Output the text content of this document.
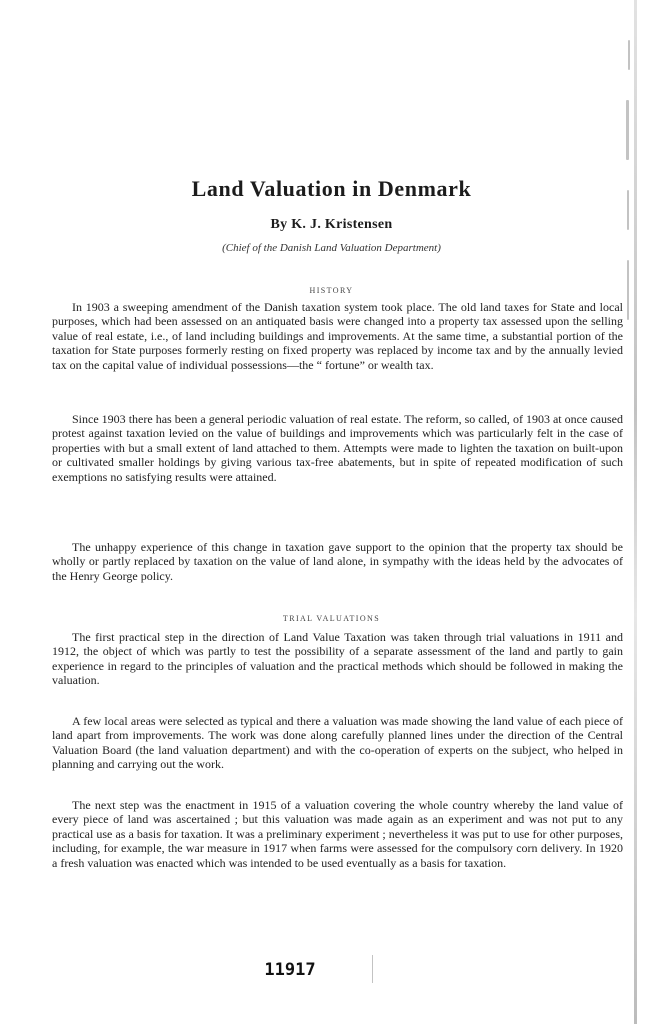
Land Valuation in Denmark
By K. J. Kristensen
(Chief of the Danish Land Valuation Department)
HISTORY

In 1903 a sweeping amendment of the Danish taxation system took place. The old land taxes for State and local purposes, which had been assessed on an antiquated basis were changed into a property tax assessed upon the selling value of real estate, i.e., of land including buildings and improvements. At the same time, a substantial portion of the taxation for State purposes formerly resting on fixed property was replaced by income tax and by the annually levied tax on the capital value of individual possessions—the “ fortune” or wealth tax.

Since 1903 there has been a general periodic valuation of real estate. The reform, so called, of 1903 at once caused protest against taxation levied on the value of buildings and improvements which was particularly felt in the case of properties with but a small extent of land attached to them. Attempts were made to lighten the taxation on built-upon or cultivated smaller holdings by giving various tax-free abatements, but in spite of repeated modification of such exemptions no satisfying results were attained.

The unhappy experience of this change in taxation gave support to the opinion that the property tax should be wholly or partly replaced by taxation on the value of land alone, in sympathy with the ideas held by the advocates of the Henry George policy.

TRIAL VALUATIONS

The first practical step in the direction of Land Value Taxation was taken through trial valuations in 1911 and 1912, the object of which was partly to test the possibility of a separate assessment of the land and partly to gain experience in regard to the principles of valuation and the practical methods which should be followed in making the valuation.

A few local areas were selected as typical and there a valuation was made showing the land value of each piece of land apart from improvements. The work was done along carefully planned lines under the direction of the Central Valuation Board (the land valuation department) and with the co-operation of experts on the subject, who helped in planning and carrying out the work.

The next step was the enactment in 1915 of a valuation covering the whole country whereby the land value of every piece of land was ascertained ; but this valuation was made again as an experiment and was not put to any practical use as a basis for taxation. It was a preliminary experiment ; nevertheless it was put to use for other purposes, including, for example, the war measure in 1917 when farms were assessed for the compulsory corn delivery. In 1920 a fresh valuation was enacted which was intended to be used eventually as a basis for taxation.

11917
